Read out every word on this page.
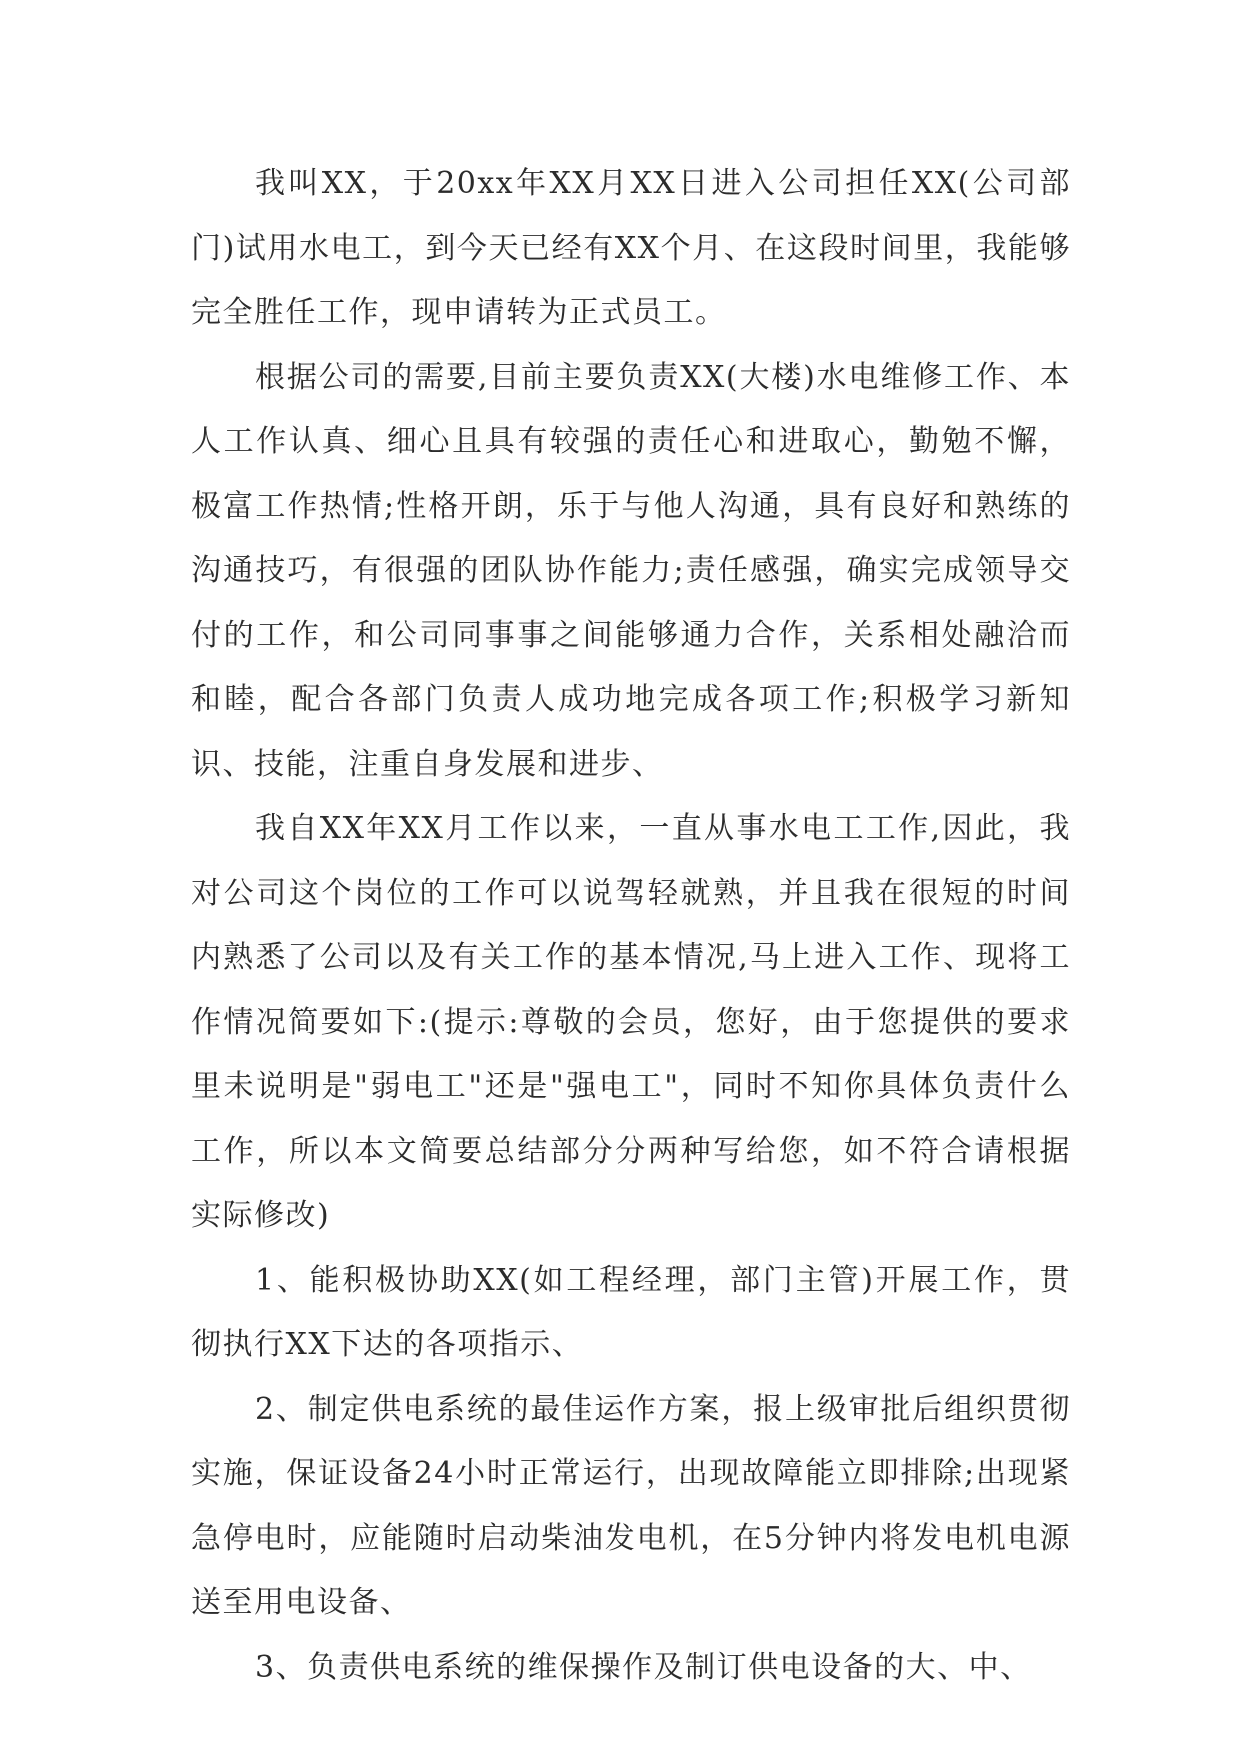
我叫XX，于20xx年XX月XX日进入公司担任XX(公司部门)试用水电工，到今天已经有XX个月、在这段时间里，我能够完全胜任工作，现申请转为正式员工。

根据公司的需要,目前主要负责XX(大楼)水电维修工作、本人工作认真、细心且具有较强的责任心和进取心，勤勉不懈，极富工作热情;性格开朗，乐于与他人沟通，具有良好和熟练的沟通技巧，有很强的团队协作能力;责任感强，确实完成领导交付的工作，和公司同事事之间能够通力合作，关系相处融洽而和睦，配合各部门负责人成功地完成各项工作;积极学习新知识、技能，注重自身发展和进步、

我自XX年XX月工作以来，一直从事水电工工作,因此，我对公司这个岗位的工作可以说驾轻就熟，并且我在很短的时间内熟悉了公司以及有关工作的基本情况,马上进入工作、现将工作情况简要如下:(提示:尊敬的会员，您好，由于您提供的要求里未说明是"弱电工"还是"强电工"，同时不知你具体负责什么工作，所以本文简要总结部分分两种写给您，如不符合请根据实际修改)

1、能积极协助XX(如工程经理，部门主管)开展工作，贯彻执行XX下达的各项指示、

2、制定供电系统的最佳运作方案，报上级审批后组织贯彻实施，保证设备24小时正常运行，出现故障能立即排除;出现紧急停电时，应能随时启动柴油发电机，在5分钟内将发电机电源送至用电设备、

3、负责供电系统的维保操作及制订供电设备的大、中、
